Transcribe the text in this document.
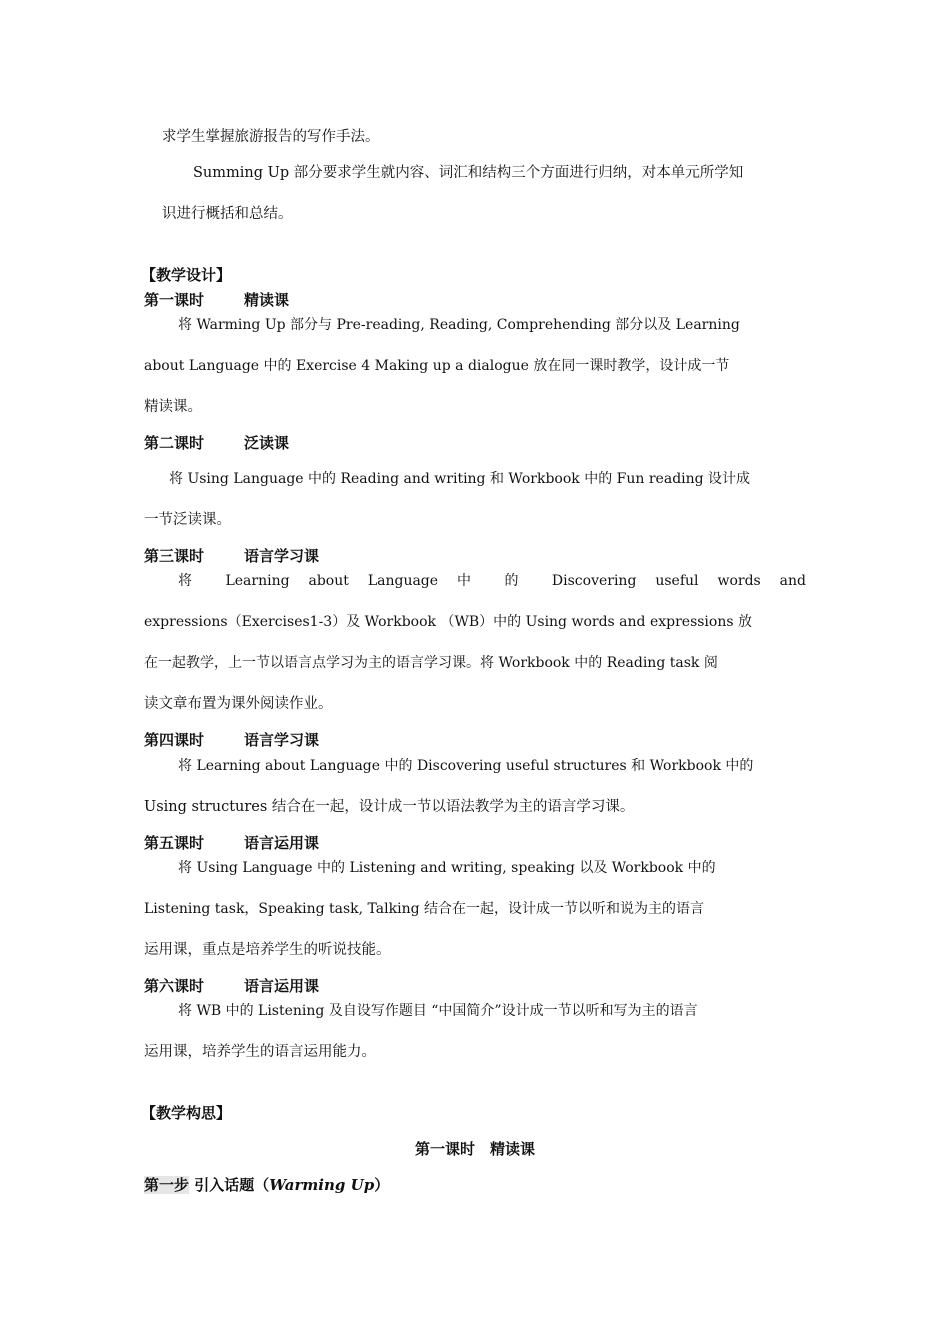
求学生掌握旅游报告的写作手法。
Summing Up 部分要求学生就内容、词汇和结构三个方面进行归纳，对本单元所学知
识进行概括和总结。
【教学设计】
第一课时	精读课
将 Warming Up 部分与 Pre-reading, Reading, Comprehending 部分以及 Learning
about Language 中的 Exercise 4 Making up a dialogue 放在同一课时教学，设计成一节
精读课。
第二课时	泛读课
将 Using Language 中的 Reading and writing 和 Workbook 中的 Fun reading 设计成
一节泛读课。
第三课时	语言学习课
将 Learning about Language 中 的 Discovering useful words and
expressions（Exercises1-3）及 Workbook （WB）中的 Using words and expressions 放
在一起教学，上一节以语言点学习为主的语言学习课。将 Workbook 中的 Reading task 阅
读文章布置为课外阅读作业。
第四课时	语言学习课
将 Learning about Language 中的 Discovering useful structures 和 Workbook 中的
Using structures 结合在一起，设计成一节以语法教学为主的语言学习课。
第五课时	语言运用课
将 Using Language 中的 Listening and writing, speaking 以及 Workbook 中的
Listening task，Speaking task, Talking 结合在一起，设计成一节以听和说为主的语言
运用课，重点是培养学生的听说技能。
第六课时	语言运用课
将 WB 中的 Listening 及自设写作题目 “中国简介”设计成一节以听和写为主的语言
运用课，培养学生的语言运用能力。
【教学构思】
第一课时　精读课
第一步 引入话题（Warming Up）
